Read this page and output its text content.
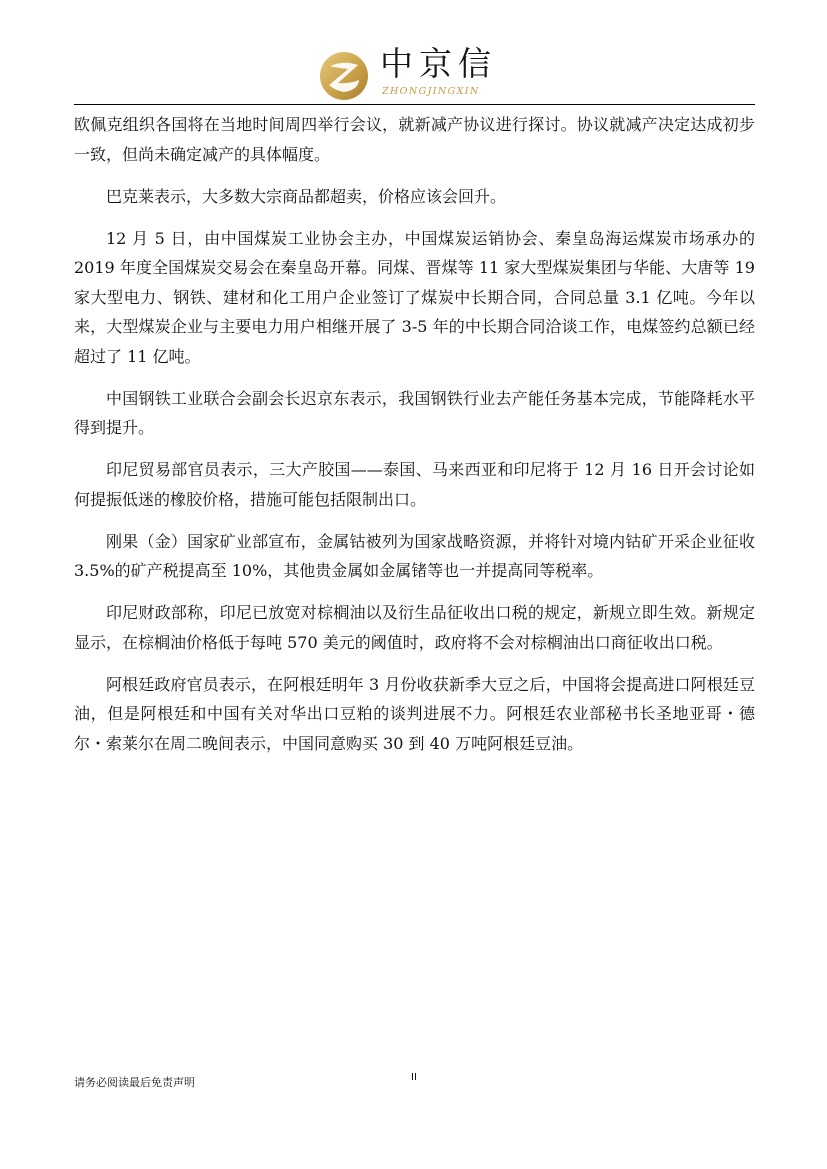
中京信
ZHONGJINGXIN

欧佩克组织各国将在当地时间周四举行会议，就新减产协议进行探讨。协议就减产决定达成初步一致，但尚未确定减产的具体幅度。

巴克莱表示，大多数大宗商品都超卖，价格应该会回升。

12 月 5 日，由中国煤炭工业协会主办，中国煤炭运销协会、秦皇岛海运煤炭市场承办的 2019 年度全国煤炭交易会在秦皇岛开幕。同煤、晋煤等 11 家大型煤炭集团与华能、大唐等 19 家大型电力、钢铁、建材和化工用户企业签订了煤炭中长期合同，合同总量 3.1 亿吨。今年以来，大型煤炭企业与主要电力用户相继开展了 3-5 年的中长期合同洽谈工作，电煤签约总额已经超过了 11 亿吨。

中国钢铁工业联合会副会长迟京东表示，我国钢铁行业去产能任务基本完成，节能降耗水平得到提升。

印尼贸易部官员表示，三大产胶国——泰国、马来西亚和印尼将于 12 月 16 日开会讨论如何提振低迷的橡胶价格，措施可能包括限制出口。

刚果（金）国家矿业部宣布，金属钴被列为国家战略资源，并将针对境内钴矿开采企业征收 3.5%的矿产税提高至 10%，其他贵金属如金属锗等也一并提高同等税率。

印尼财政部称，印尼已放宽对棕榈油以及衍生品征收出口税的规定，新规立即生效。新规定显示，在棕榈油价格低于每吨 570 美元的阈值时，政府将不会对棕榈油出口商征收出口税。

阿根廷政府官员表示，在阿根廷明年 3 月份收获新季大豆之后，中国将会提高进口阿根廷豆油，但是阿根廷和中国有关对华出口豆粕的谈判进展不力。阿根廷农业部秘书长圣地亚哥・德尔・索莱尔在周二晚间表示，中国同意购买 30 到 40 万吨阿根廷豆油。

请务必阅读最后免责声明	II
